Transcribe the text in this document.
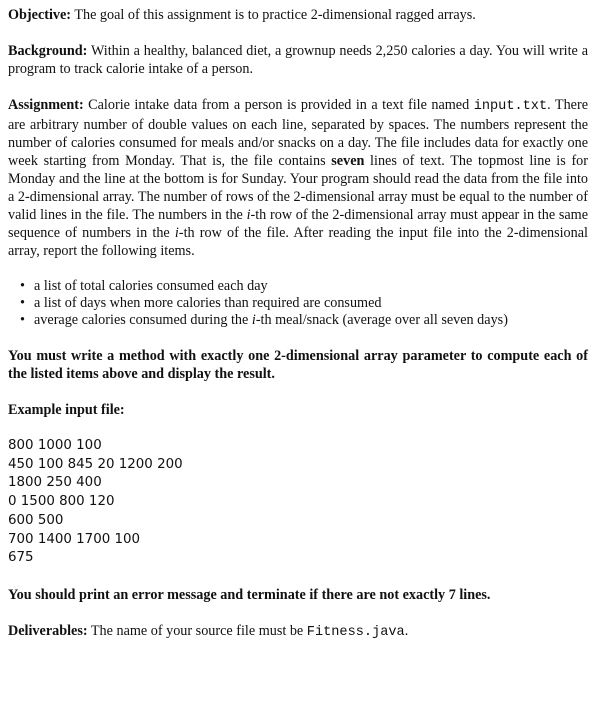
Objective: The goal of this assignment is to practice 2-dimensional ragged arrays.

Background: Within a healthy, balanced diet, a grownup needs 2,250 calories a day. You will write a program to track calorie intake of a person.

Assignment: Calorie intake data from a person is provided in a text file named input.txt. There are arbitrary number of double values on each line, separated by spaces. The numbers represent the number of calories consumed for meals and/or snacks on a day. The file includes data for exactly one week starting from Monday. That is, the file contains seven lines of text. The topmost line is for Monday and the line at the bottom is for Sunday. Your program should read the data from the file into a 2-dimensional array. The number of rows of the 2-dimensional array must be equal to the number of valid lines in the file. The numbers in the i-th row of the 2-dimensional array must appear in the same sequence of numbers in the i-th row of the file. After reading the input file into the 2-dimensional array, report the following items.

• a list of total calories consumed each day
• a list of days when more calories than required are consumed
• average calories consumed during the i-th meal/snack (average over all seven days)

You must write a method with exactly one 2-dimensional array parameter to compute each of the listed items above and display the result.

Example input file:

800 1000 100
450 100 845 20 1200 200
1800 250 400
0 1500 800 120
600 500
700 1400 1700 100
675

You should print an error message and terminate if there are not exactly 7 lines.

Deliverables: The name of your source file must be Fitness.java.
